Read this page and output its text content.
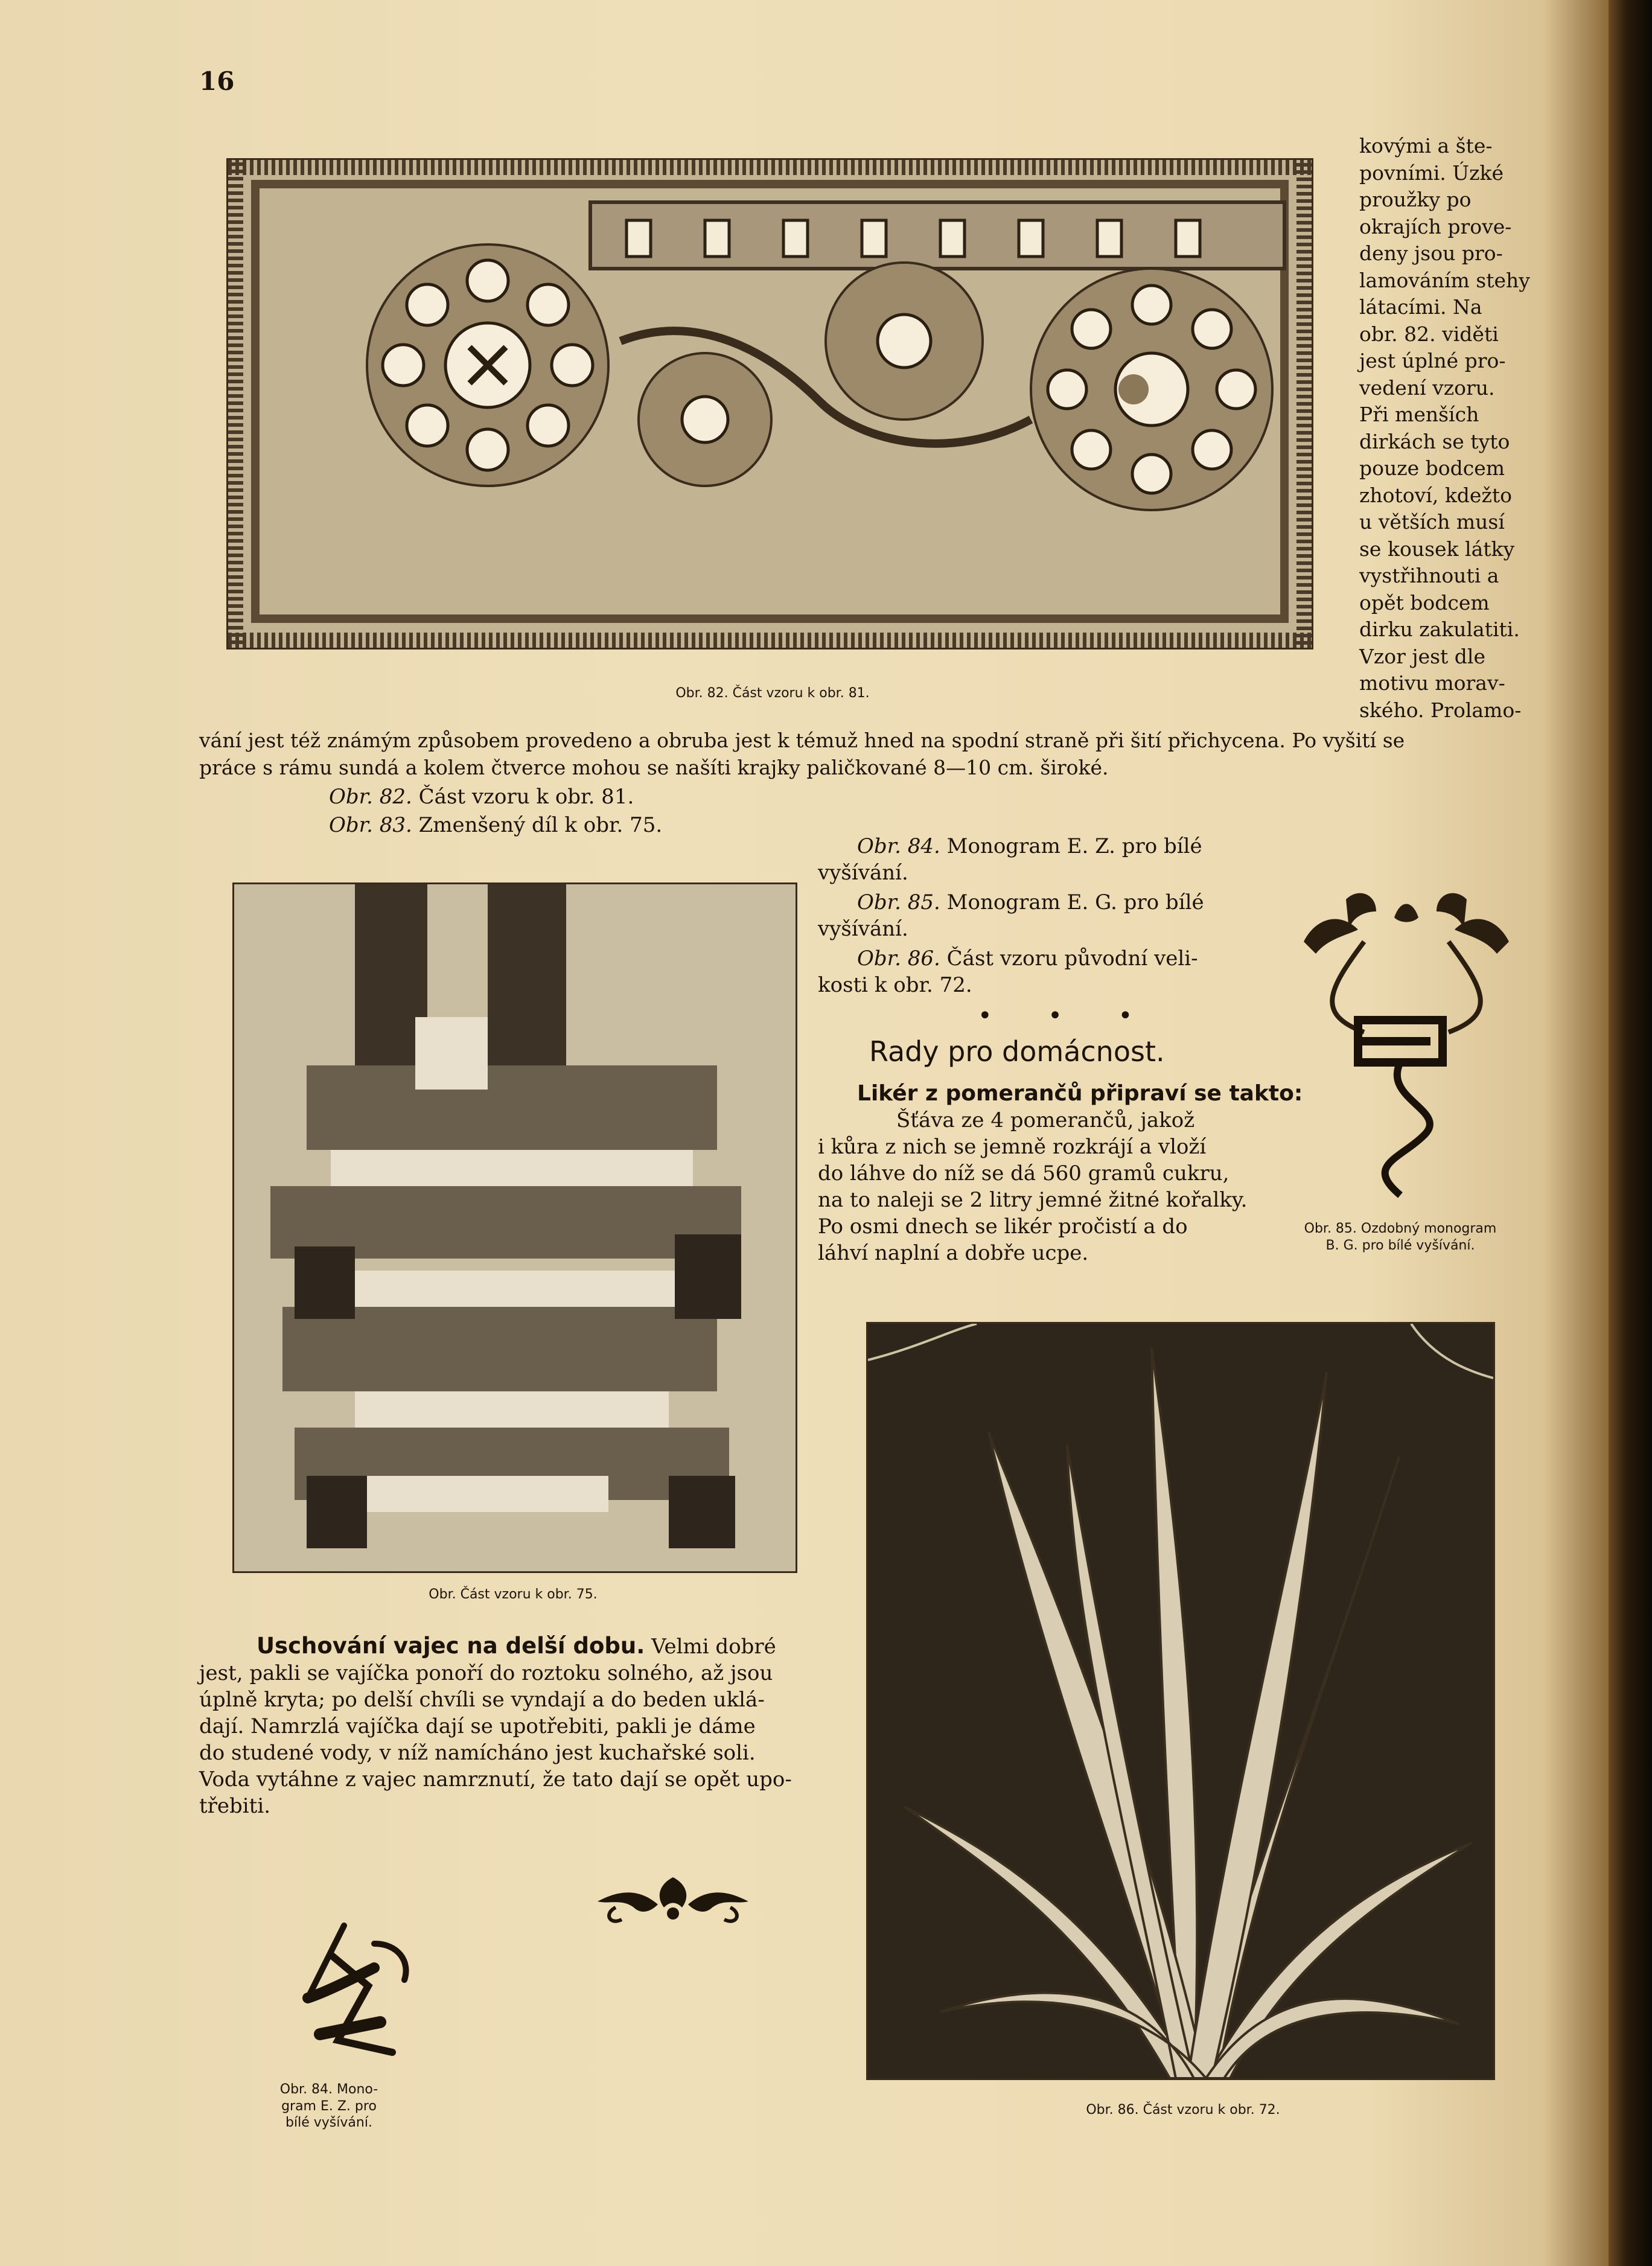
16
Obr. 82. Část vzoru k obr. 81.
kovými a šte-
povními. Úzké
proužky po
okrajích prove-
deny jsou pro-
lamováním stehy
látacími. Na
obr. 82. viděti
jest úplné pro-
vedení vzoru.
Při menších
dirkách se tyto
pouze bodcem
zhotoví, kdežto
u větších musí
se kousek látky
vystřihnouti a
opět bodcem
dirku zakulatiti.
Vzor jest dle
motivu morav-
ského. Prolamo-
vání jest též známým způsobem provedeno a obruba jest k témuž hned na spodní straně při šití přichycena. Po vyšití se
práce s rámu sundá a kolem čtverce mohou se našíti krajky paličkované 8—10 cm. široké.
Obr. 82. Část vzoru k obr. 81.
Obr. 83. Zmenšený díl k obr. 75.
Obr. 84. Monogram E. Z. pro bílé
vyšívání.
Obr. 85. Monogram E. G. pro bílé
vyšívání.
Obr. 86. Část vzoru původní veli-
kosti k obr. 72.
• • •
Rady pro domácnost.
Likér z pomerančů připraví se takto:
Šťáva ze 4 pomerančů, jakož
i kůra z nich se jemně rozkrájí a vloží
do láhve do níž se dá 560 gramů cukru,
na to naleji se 2 litry jemné žitné kořalky.
Po osmi dnech se likér pročistí a do
láhví naplní a dobře ucpe.
Obr. 85. Ozdobný monogram
B. G. pro bílé vyšívání.
Obr. Část vzoru k obr. 75.
Uschování vajec na delší dobu. Velmi dobré
jest, pakli se vajíčka ponoří do roztoku solného, až jsou
úplně kryta; po delší chvíli se vyndají a do beden uklá-
dají. Namrzlá vajíčka dají se upotřebiti, pakli je dáme
do studené vody, v níž namícháno jest kuchařské soli.
Voda vytáhne z vajec namrznutí, že tato dají se opět upo-
třebiti.
Obr. 84. Mono-
gram E. Z. pro
bílé vyšívání.
Obr. 86. Část vzoru k obr. 72.
